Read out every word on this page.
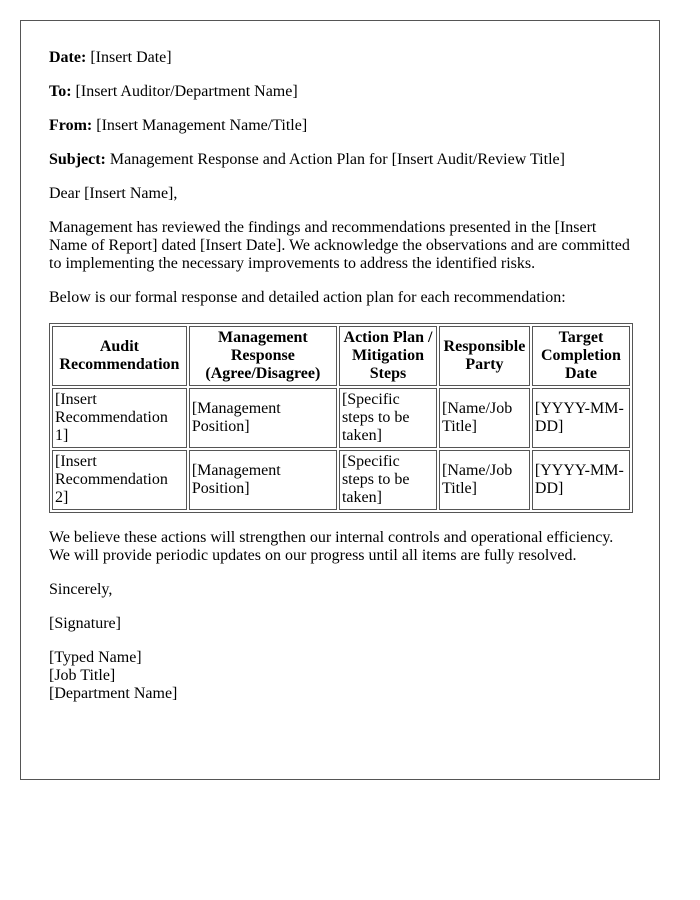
Date: [Insert Date]
To: [Insert Auditor/Department Name]
From: [Insert Management Name/Title]
Subject: Management Response and Action Plan for [Insert Audit/Review Title]
Dear [Insert Name],
Management has reviewed the findings and recommendations presented in the [Insert Name of Report] dated [Insert Date]. We acknowledge the observations and are committed to implementing the necessary improvements to address the identified risks.
Below is our formal response and detailed action plan for each recommendation:
Audit Recommendation	Management Response (Agree/Disagree)	Action Plan / Mitigation Steps	Responsible Party	Target Completion Date
[Insert Recommendation 1]	[Management Position]	[Specific steps to be taken]	[Name/Job Title]	[YYYY-MM-DD]
[Insert Recommendation 2]	[Management Position]	[Specific steps to be taken]	[Name/Job Title]	[YYYY-MM-DD]
We believe these actions will strengthen our internal controls and operational efficiency. We will provide periodic updates on our progress until all items are fully resolved.
Sincerely,
[Signature]
[Typed Name]
[Job Title]
[Department Name]
